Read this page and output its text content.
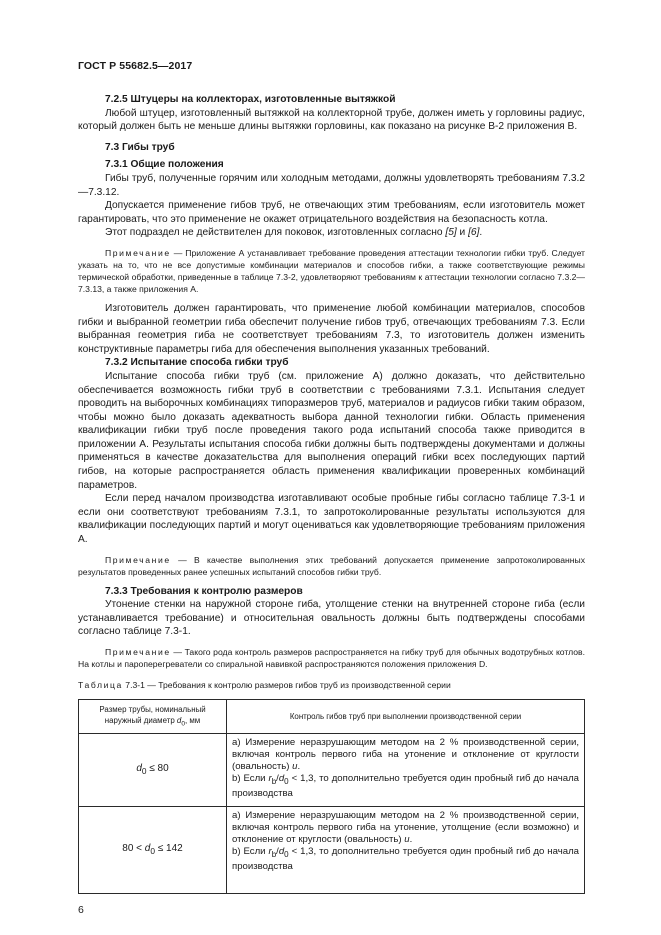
ГОСТ Р 55682.5—2017

7.2.5 Штуцеры на коллекторах, изготовленные вытяжкой

Любой штуцер, изготовленный вытяжкой на коллекторной трубе, должен иметь у горловины радиус, который должен быть не меньше длины вытяжки горловины, как показано на рисунке В-2 приложения В.

7.3 Гибы труб

7.3.1 Общие положения

Гибы труб, полученные горячим или холодным методами, должны удовлетворять требованиям 7.3.2—7.3.12.

Допускается применение гибов труб, не отвечающих этим требованиям, если изготовитель может гарантировать, что это применение не окажет отрицательного воздействия на безопасность котла.

Этот подраздел не действителен для поковок, изготовленных согласно [5] и [6].

Примечание — Приложение А устанавливает требование проведения аттестации технологии гибки труб. Следует указать на то, что не все допустимые комбинации материалов и способов гибки, а также соответствующие режимы термической обработки, приведенные в таблице 7.3-2, удовлетворяют требованиям к аттестации технологии согласно 7.3.2—7.3.13, а также приложения А.

Изготовитель должен гарантировать, что применение любой комбинации материалов, способов гибки и выбранной геометрии гиба обеспечит получение гибов труб, отвечающих требованиям 7.3. Если выбранная геометрия гиба не соответствует требованиям 7.3, то изготовитель должен изменить конструктивные параметры гиба для обеспечения выполнения указанных требований.

7.3.2 Испытание способа гибки труб

Испытание способа гибки труб (см. приложение А) должно доказать, что действительно обеспечивается возможность гибки труб в соответствии с требованиями 7.3.1. Испытания следует проводить на выборочных комбинациях типоразмеров труб, материалов и радиусов гибки таким образом, чтобы можно было доказать адекватность выбора данной технологии гибки. Область применения квалификации гибки труб после проведения такого рода испытаний способа также приводится в приложении А. Результаты испытания способа гибки должны быть подтверждены документами и должны применяться в качестве доказательства для выполнения операций гибки всех последующих партий гибов, на которые распространяется область применения квалификации проверенных комбинаций параметров.

Если перед началом производства изготавливают особые пробные гибы согласно таблице 7.3-1 и если они соответствуют требованиям 7.3.1, то запротоколированные результаты используются для квалификации последующих партий и могут оцениваться как удовлетворяющие требованиям приложения А.

Примечание — В качестве выполнения этих требований допускается применение запротоколированных результатов проведенных ранее успешных испытаний способов гибки труб.

7.3.3 Требования к контролю размеров

Утонение стенки на наружной стороне гиба, утолщение стенки на внутренней стороне гиба (если устанавливается требование) и относительная овальность должны быть подтверждены способами согласно таблице 7.3-1.

Примечание — Такого рода контроль размеров распространяется на гибку труб для обычных водотрубных котлов. На котлы и пароперегреватели со спиральной навивкой распространяются положения приложения D.

Таблица 7.3-1 — Требования к контролю размеров гибов труб из производственной серии

Размер трубы, номинальный
наружный диаметр $d_0$, мм	Контроль гибов труб при выполнении производственной серии
$d_0 \le 80$	а) Измерение неразрушающим методом на 2 % производственной серии, включая контроль первого гиба на утонение и отклонение от круглости (овальность) u.
b) Если $r_b/d_0 < 1,3$, то дополнительно требуется один пробный гиб до начала производства

$80 < d_0 \le 142$	а) Измерение неразрушающим методом на 2 % производственной серии, включая контроль первого гиба на утонение, утолщение (если возможно) и отклонение от круглости (овальность) u.
b) Если $r_b/d_0 < 1,3$, то дополнительно требуется один пробный гиб до начала производства
6
